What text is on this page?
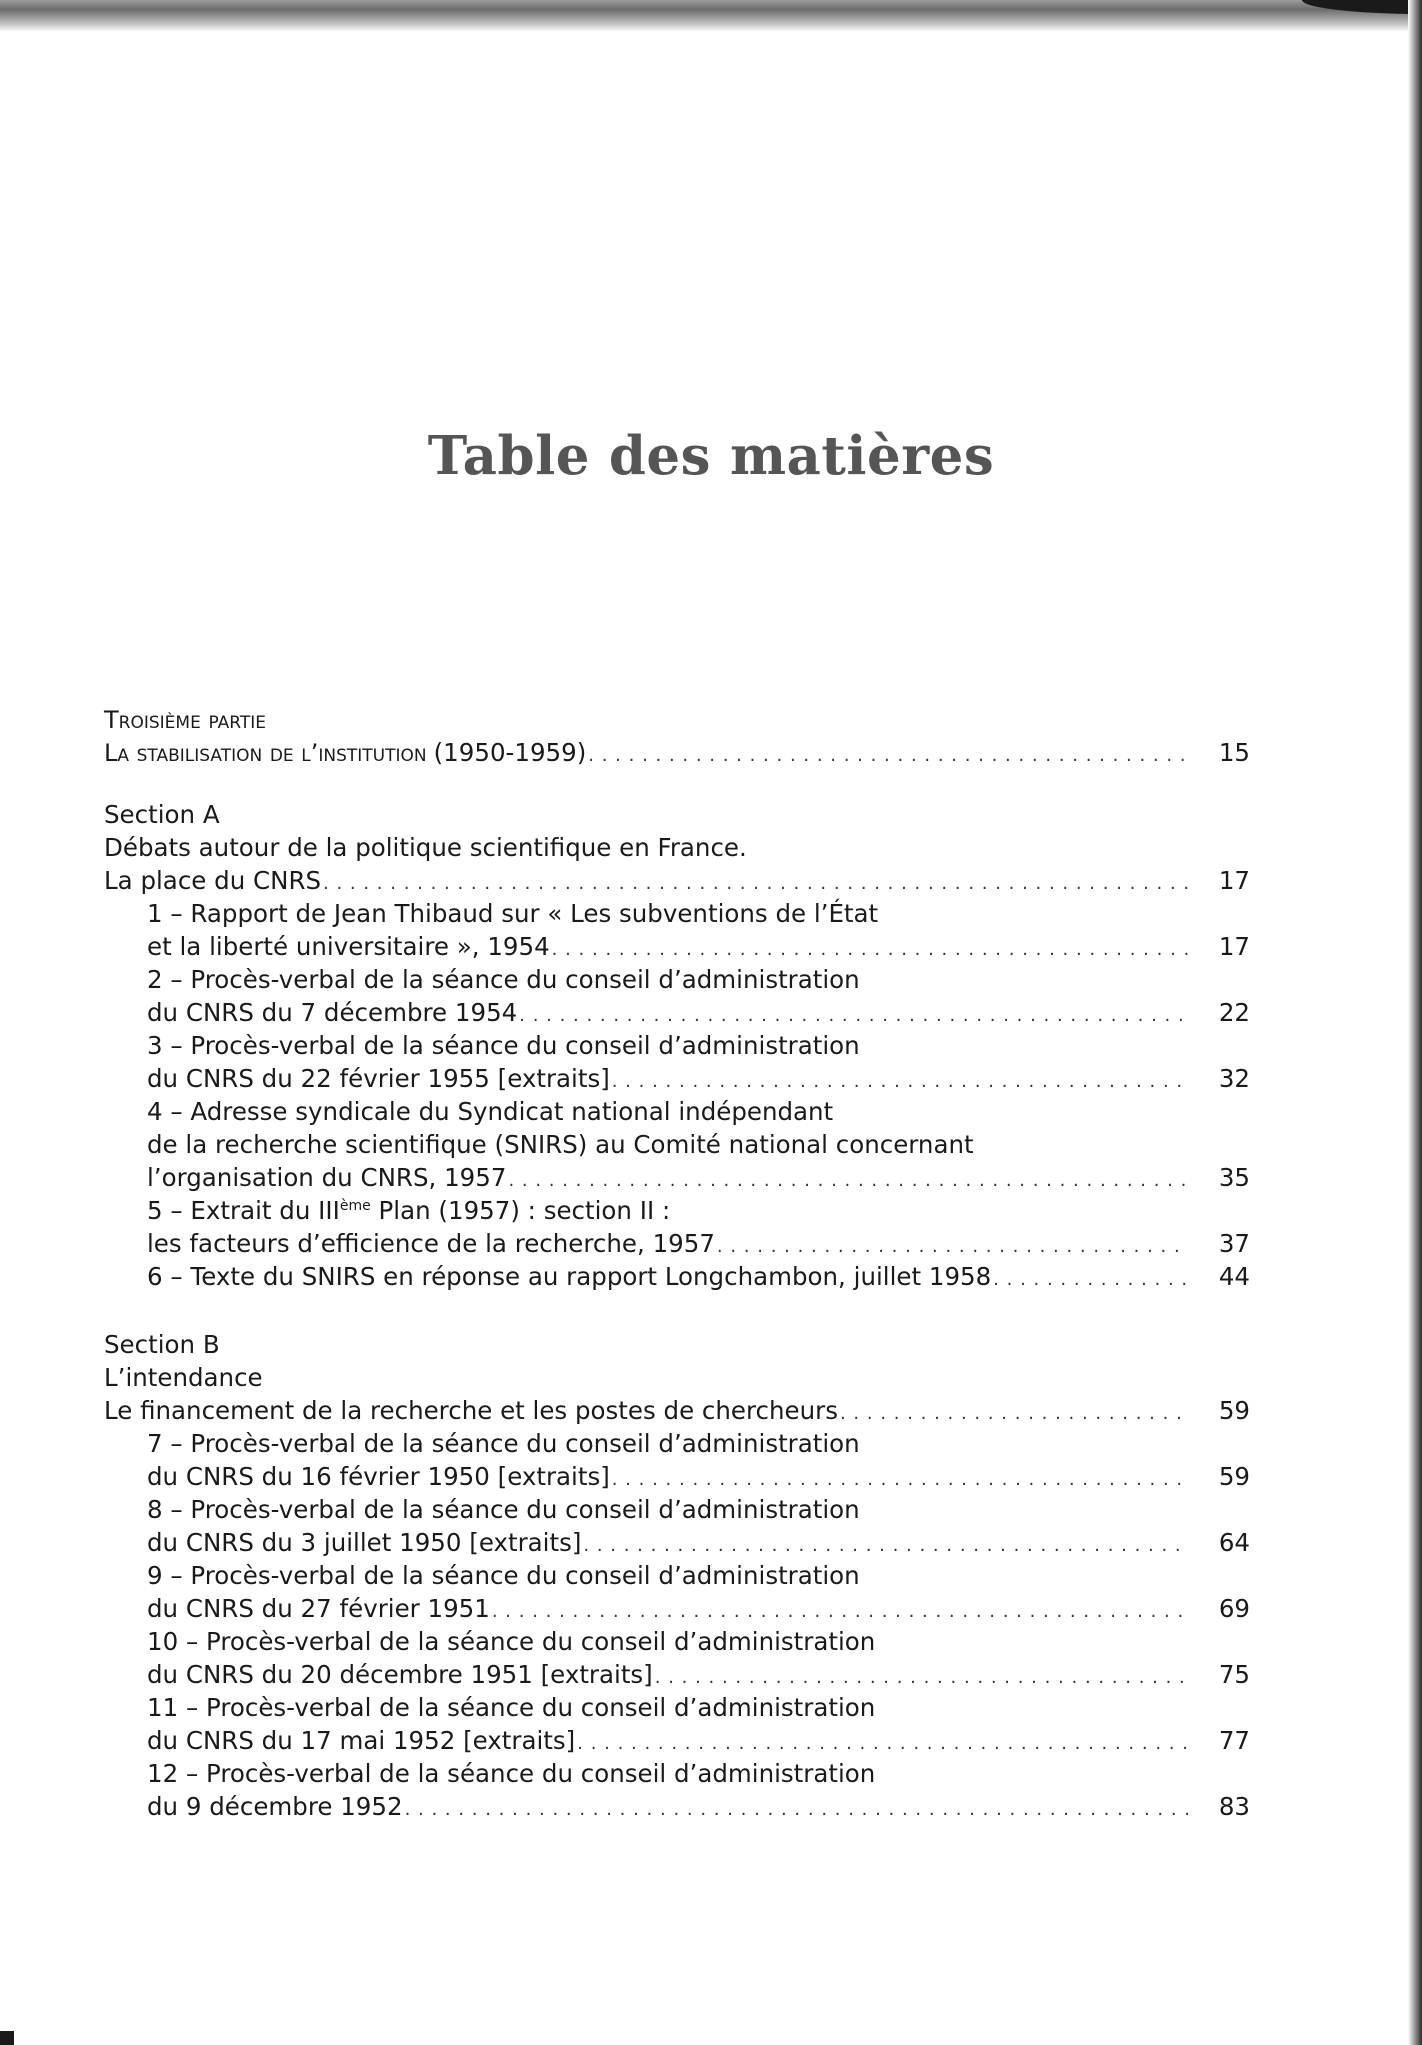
Table des matières
Troisième partie
La stabilisation de l’institution (1950-1959) . . .	15
Section A
Débats autour de la politique scientifique en France.
La place du CNRS . . .	17
1 – Rapport de Jean Thibaud sur « Les subventions de l’État
et la liberté universitaire », 1954 . . .	17
2 – Procès-verbal de la séance du conseil d’administration
du CNRS du 7 décembre 1954 . . .	22
3 – Procès-verbal de la séance du conseil d’administration
du CNRS du 22 février 1955 [extraits] . . .	32
4 – Adresse syndicale du Syndicat national indépendant
de la recherche scientifique (SNIRS) au Comité national concernant
l’organisation du CNRS, 1957 . . .	35
5 – Extrait du IIIème Plan (1957) : section II :
les facteurs d’efficience de la recherche, 1957 . . .	37
6 – Texte du SNIRS en réponse au rapport Longchambon, juillet 1958 . . .	44
Section B
L’intendance
Le financement de la recherche et les postes de chercheurs . . .	59
7 – Procès-verbal de la séance du conseil d’administration
du CNRS du 16 février 1950 [extraits] . . .	59
8 – Procès-verbal de la séance du conseil d’administration
du CNRS du 3 juillet 1950 [extraits] . . .	64
9 – Procès-verbal de la séance du conseil d’administration
du CNRS du 27 février 1951 . . .	69
10 – Procès-verbal de la séance du conseil d’administration
du CNRS du 20 décembre 1951 [extraits] . . .	75
11 – Procès-verbal de la séance du conseil d’administration
du CNRS du 17 mai 1952 [extraits] . . .	77
12 – Procès-verbal de la séance du conseil d’administration
du 9 décembre 1952 . . .	83
